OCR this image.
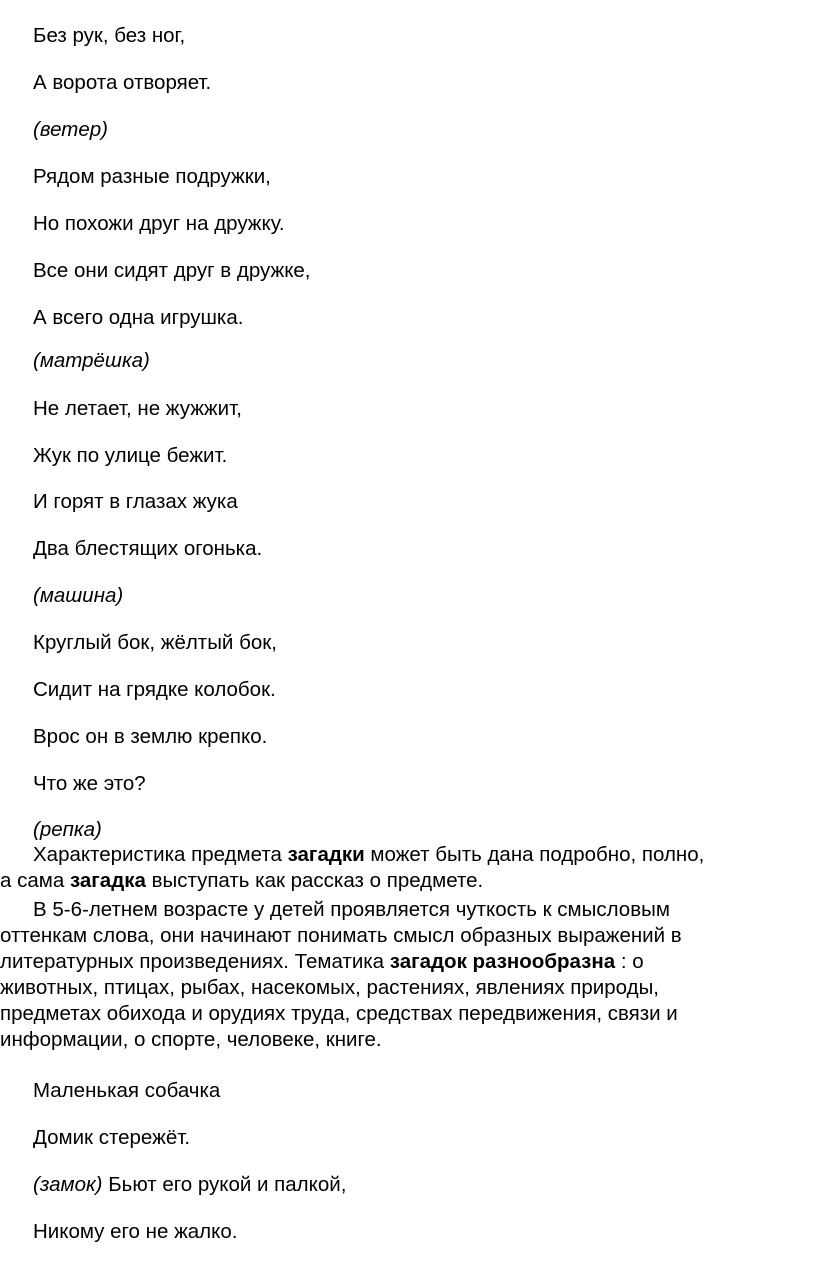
Без рук, без ног,

А ворота отворяет.

(ветер)

Рядом разные подружки,

Но похожи друг на дружку.

Все они сидят друг в дружке,

А всего одна игрушка.

(матрёшка)

Не летает, не жужжит,

Жук по улице бежит.

И горят в глазах жука

Два блестящих огонька.

(машина)

Круглый бок, жёлтый бок,

Сидит на грядке колобок.

Врос он в землю крепко.

Что же это?

(репка)

Характеристика предмета загадки может быть дана подробно, полно,
а сама загадка выступать как рассказ о предмете.
В 5-6-летнем возрасте у детей проявляется чуткость к смысловым
оттенкам слова, они начинают понимать смысл образных выражений в
литературных произведениях. Тематика загадок разнообразна : о
животных, птицах, рыбах, насекомых, растениях, явлениях природы,
предметах обихода и орудиях труда, средствах передвижения, связи и
информации, о спорте, человеке, книге.

Маленькая собачка

Домик стережёт.

(замок) Бьют его рукой и палкой,

Никому его не жалко.
